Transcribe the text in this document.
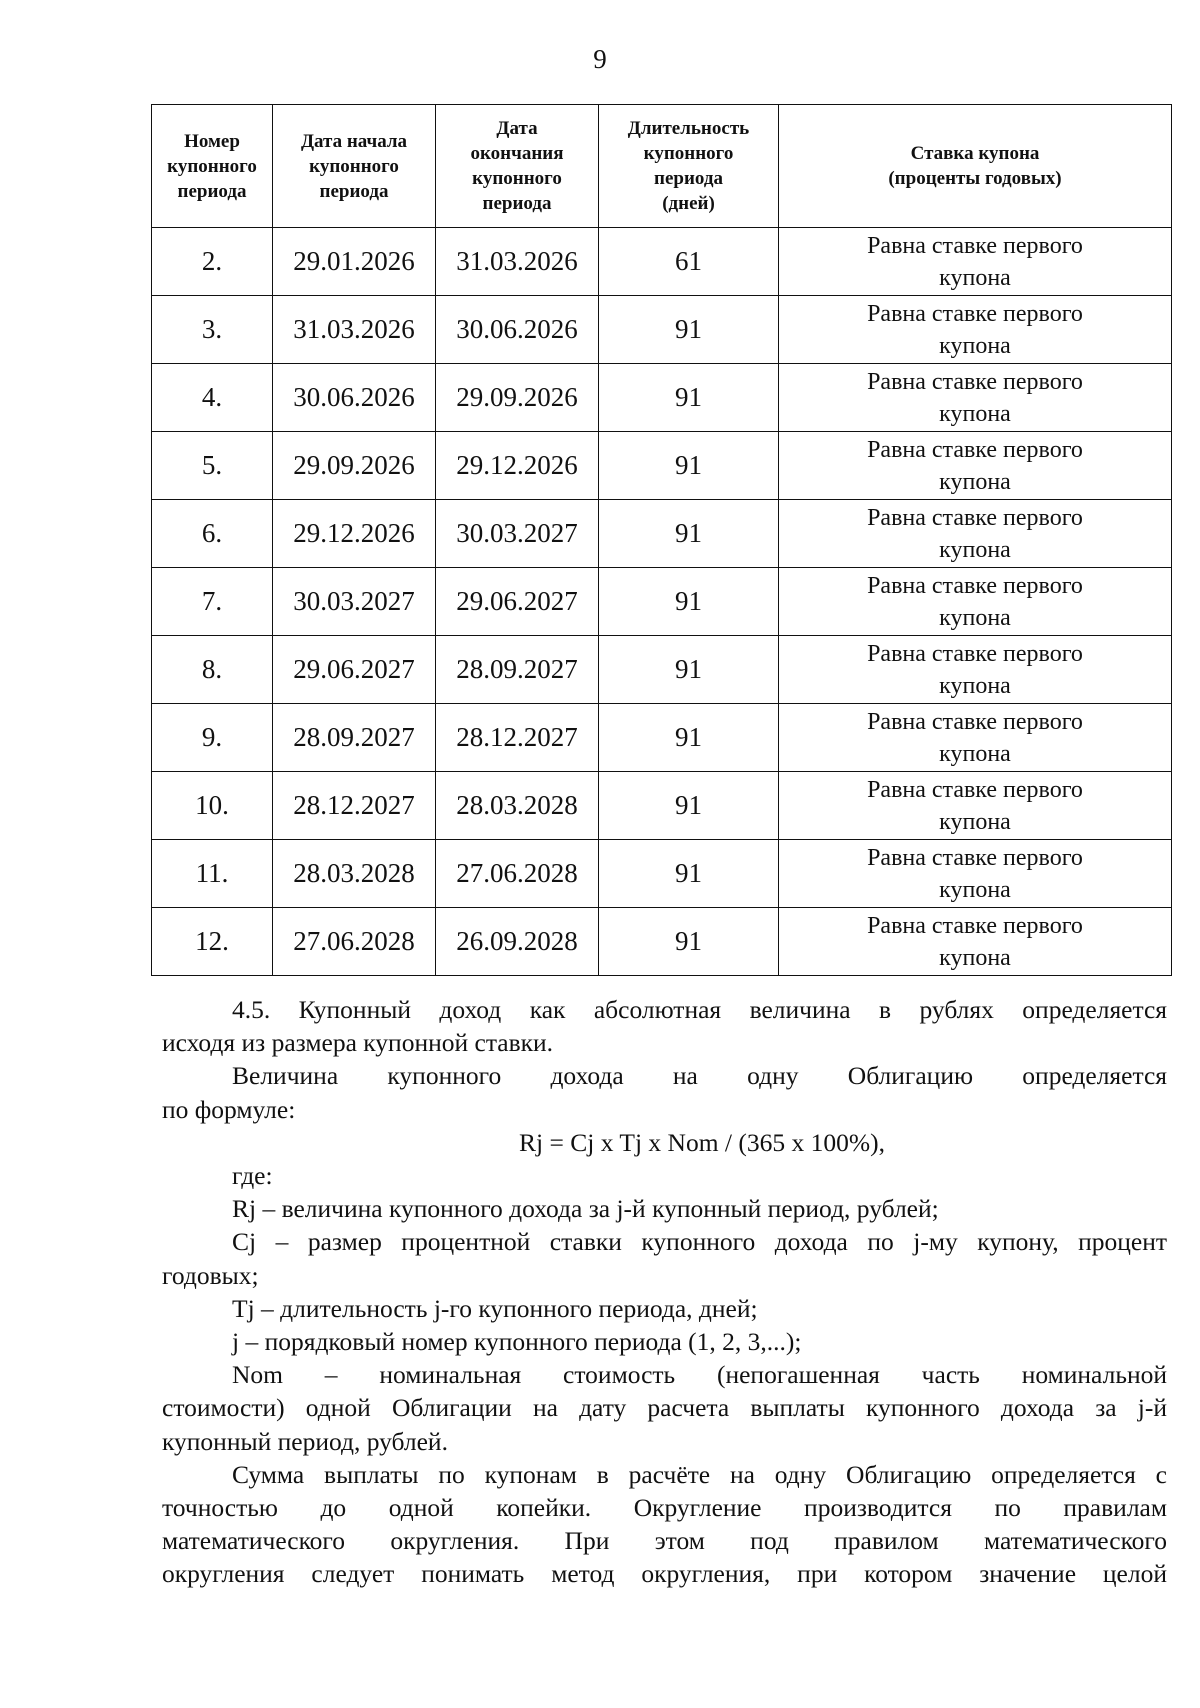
9
Номер
купонного
периода	Дата начала
купонного
периода	Дата
окончания
купонного
периода	Длительность
купонного
периода
(дней)	Ставка купона
(проценты годовых)
2.	29.01.2026	31.03.2026	61	Равна ставке первого
купона
3.	31.03.2026	30.06.2026	91	Равна ставке первого
купона
4.	30.06.2026	29.09.2026	91	Равна ставке первого
купона
5.	29.09.2026	29.12.2026	91	Равна ставке первого
купона
6.	29.12.2026	30.03.2027	91	Равна ставке первого
купона
7.	30.03.2027	29.06.2027	91	Равна ставке первого
купона
8.	29.06.2027	28.09.2027	91	Равна ставке первого
купона
9.	28.09.2027	28.12.2027	91	Равна ставке первого
купона
10.	28.12.2027	28.03.2028	91	Равна ставке первого
купона
11.	28.03.2028	27.06.2028	91	Равна ставке первого
купона
12.	27.06.2028	26.09.2028	91	Равна ставке первого
купона

4.5. Купонный доход как абсолютная величина в рублях определяется

исходя из размера купонной ставки.

Величина купонного дохода на одну Облигацию определяется

по формуле:

Rj = Cj x Tj x Nom / (365 x 100%),

где:

Rj – величина купонного дохода за j-й купонный период, рублей;

Cj – размер процентной ставки купонного дохода по j-му купону, процент

годовых;

Tj – длительность j-го купонного периода, дней;

j – порядковый номер купонного периода (1, 2, 3,...);

Nom – номинальная стоимость (непогашенная часть номинальной

стоимости) одной Облигации на дату расчета выплаты купонного дохода за j-й

купонный период, рублей.

Сумма выплаты по купонам в расчёте на одну Облигацию определяется с

точностью до одной копейки. Округление производится по правилам

математического округления. При этом под правилом математического

округления следует понимать метод округления, при котором значение целой
